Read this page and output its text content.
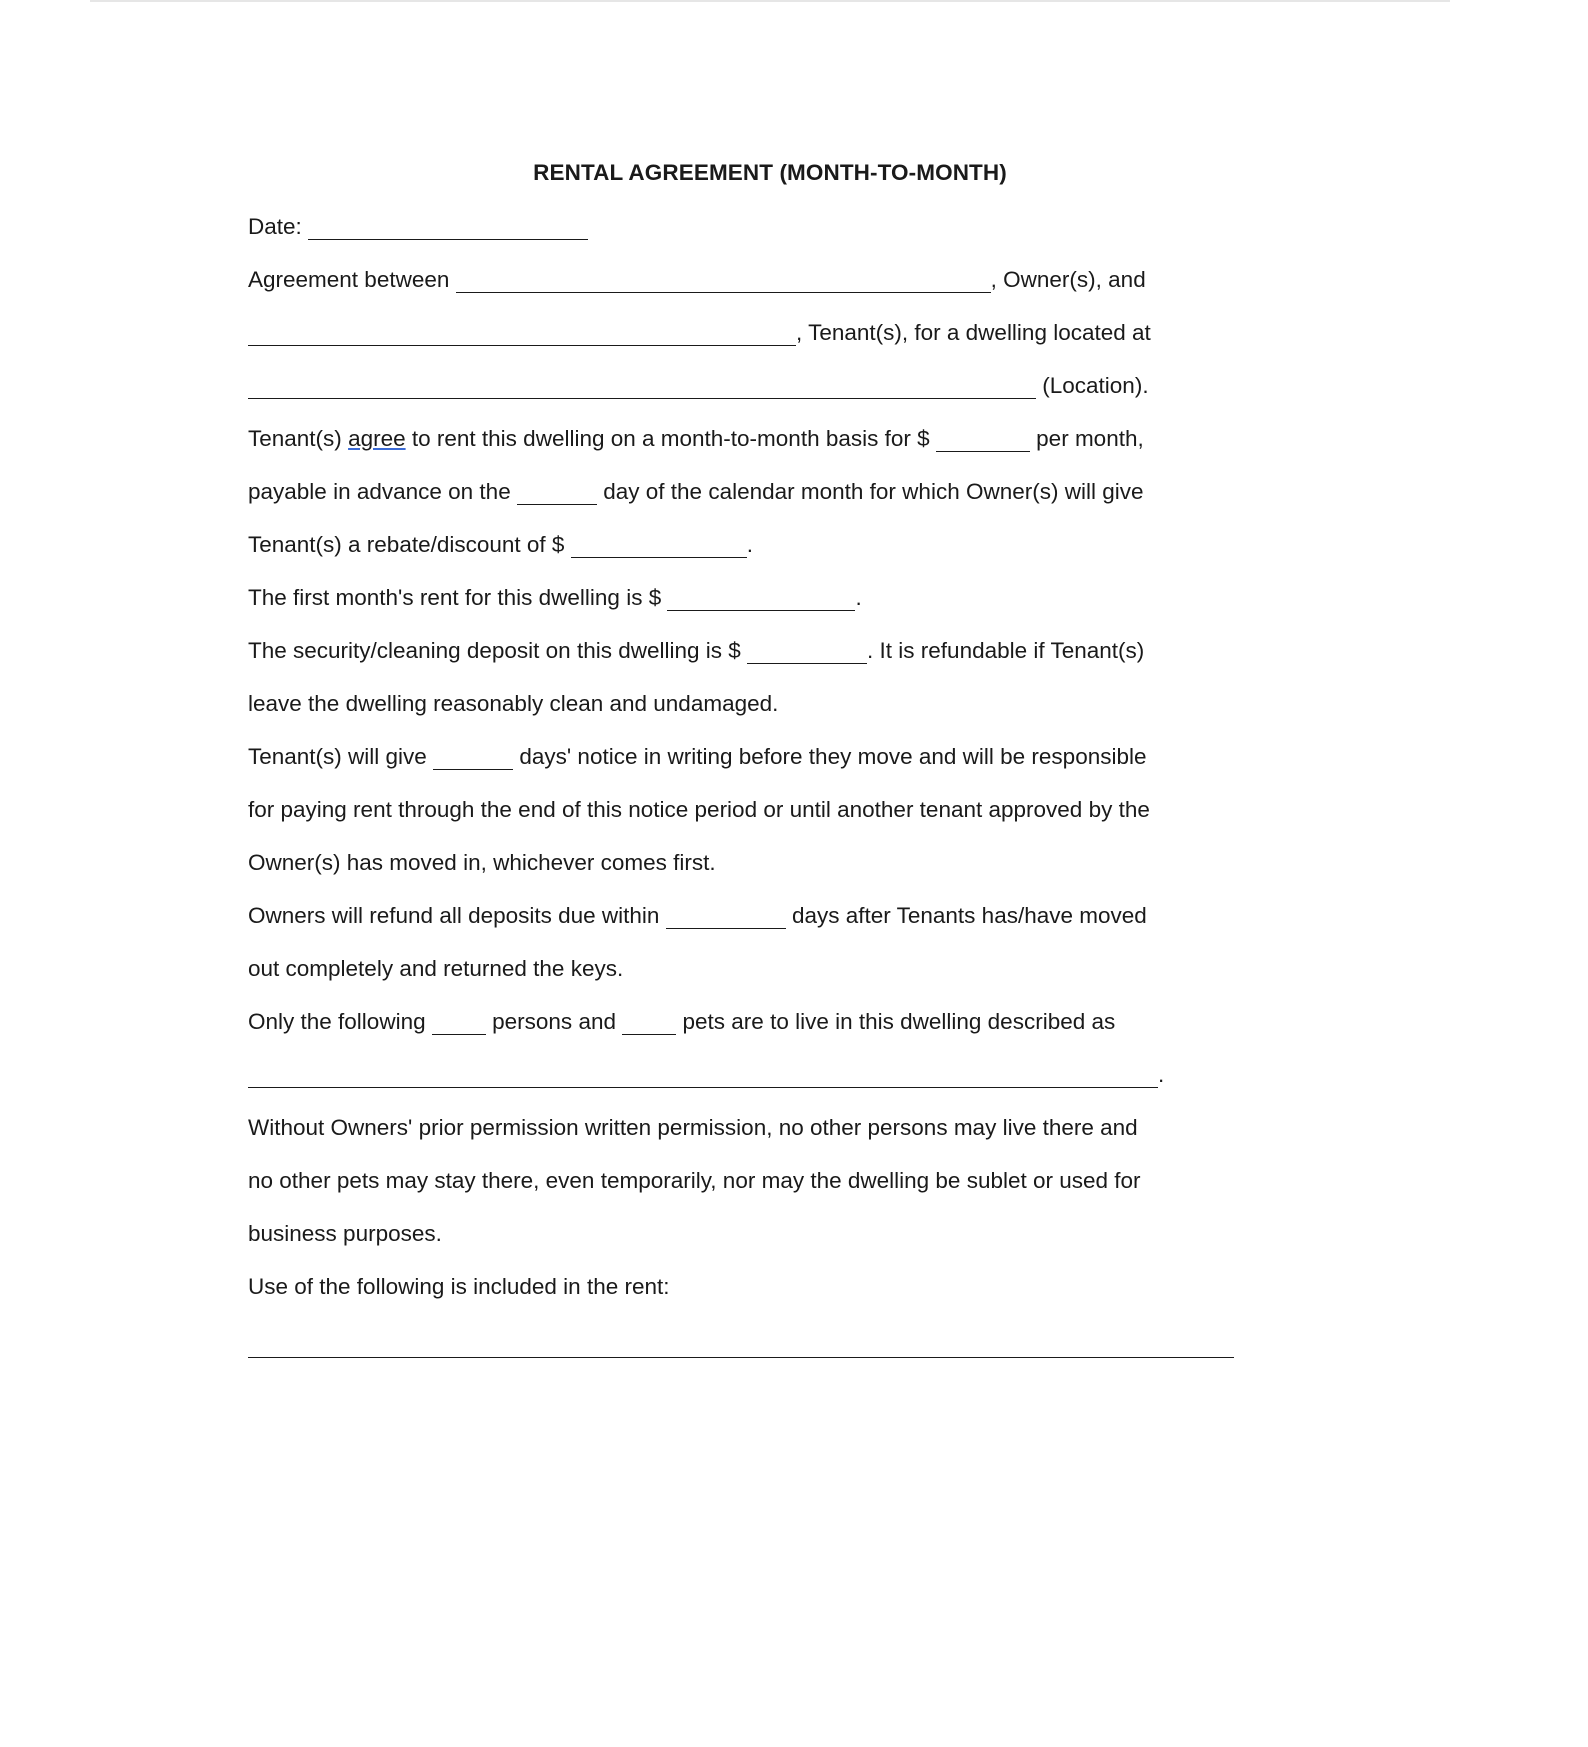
RENTAL AGREEMENT (MONTH-TO-MONTH)
Date:
Agreement between	, Owner(s), and
, Tenant(s), for a dwelling located at
(Location).
Tenant(s) agree to rent this dwelling on a month-to-month basis for $	per month,
payable in advance on the	day of the calendar month for which Owner(s) will give
Tenant(s) a rebate/discount of $	.
The first month's rent for this dwelling is $	.
The security/cleaning deposit on this dwelling is $	. It is refundable if Tenant(s)
leave the dwelling reasonably clean and undamaged.
Tenant(s) will give	days' notice in writing before they move and will be responsible
for paying rent through the end of this notice period or until another tenant approved by the
Owner(s) has moved in, whichever comes first.
Owners will refund all deposits due within	days after Tenants has/have moved
out completely and returned the keys.
Only the following	persons and	pets are to live in this dwelling described as
.
Without Owners' prior permission written permission, no other persons may live there and
no other pets may stay there, even temporarily, nor may the dwelling be sublet or used for
business purposes.
Use of the following is included in the rent:
